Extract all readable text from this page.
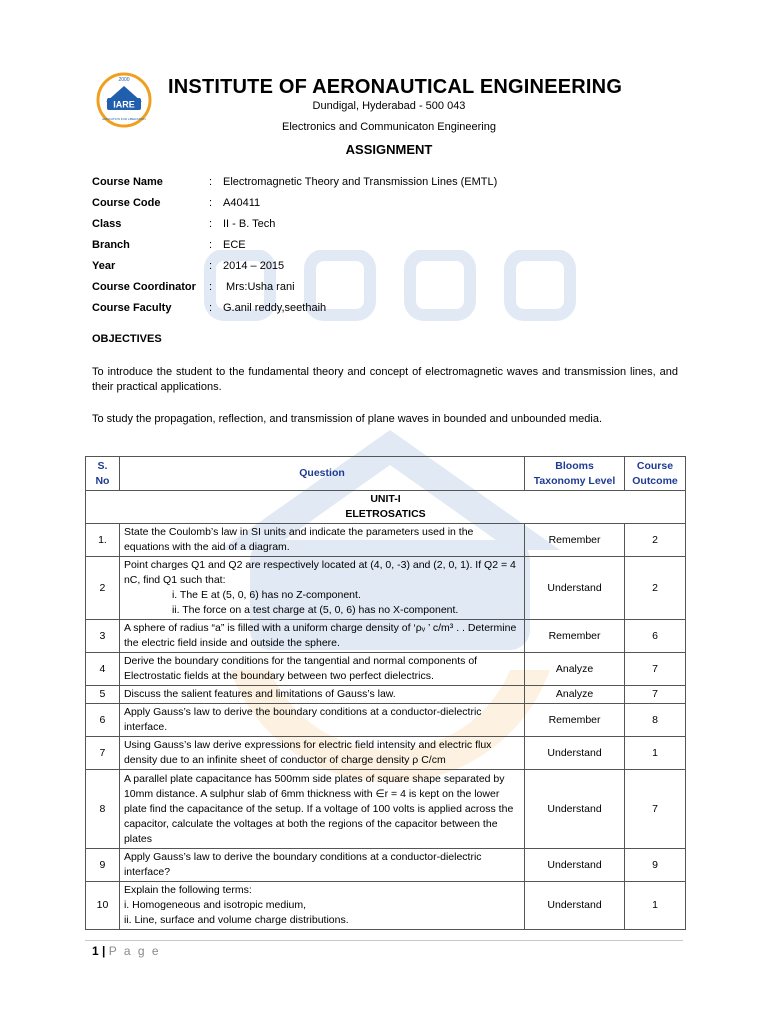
IARE
2000
EDUCATION FOR LIBERATION
INSTITUTE OF AERONAUTICAL ENGINEERING
Dundigal, Hyderabad - 500 043
Electronics and Communicaton Engineering
ASSIGNMENT
Course Name	: Electromagnetic Theory and Transmission Lines (EMTL)
Course Code	: A40411
Class	: II - B. Tech
Branch	: ECE
Year	: 2014 – 2015
Course Coordinator	: Mrs:Usha rani
Course Faculty	: G.anil reddy,seethaih
OBJECTIVES
To introduce the student to the fundamental theory and concept of electromagnetic waves and transmission lines, and their practical applications.
To study the propagation, reflection, and transmission of plane waves in bounded and unbounded media.
S. No	Question	Blooms Taxonomy Level	Course Outcome

UNIT-I
ELETROSATICS			

1.	State the Coulomb’s law in SI units and indicate the parameters used in the equations with the aid of a diagram.	Remember	2
2	Point charges Q1 and Q2 are respectively located at (4, 0, -3) and (2, 0, 1). If Q2 = 4 nC, find Q1 such that:
i. The E at (5, 0, 6) has no Z-component.
ii. The force on a test charge at (5, 0, 6) has no X-component.	Understand	2
3	A sphere of radius “a” is filled with a uniform charge density of ‘ρᵥ ’ c/m³ . . Determine the electric field inside and outside the sphere.	Remember	6
4	Derive the boundary conditions for the tangential and normal components of Electrostatic fields at the boundary between two perfect dielectrics.	Analyze	7
5	Discuss the salient features and limitations of Gauss’s law.	Analyze	7
6	Apply Gauss’s law to derive the boundary conditions at a conductor-dielectric interface.	Remember	8
7	Using Gauss’s law derive expressions for electric field intensity and electric flux density due to an infinite sheet of conductor of charge density ρ C/cm	Understand	1
8	A parallel plate capacitance has 500mm side plates of square shape separated by 10mm distance. A sulphur slab of 6mm thickness with ∈r = 4 is kept on the lower plate find the capacitance of the setup. If a voltage of 100 volts is applied across the capacitor, calculate the voltages at both the regions of the capacitor between the plates	Understand	7
9	Apply Gauss’s law to derive the boundary conditions at a conductor-dielectric interface?	Understand	9
10	Explain the following terms:
i. Homogeneous and isotropic medium,
ii. Line, surface and volume charge distributions.	Understand	1
1 | P a g e
